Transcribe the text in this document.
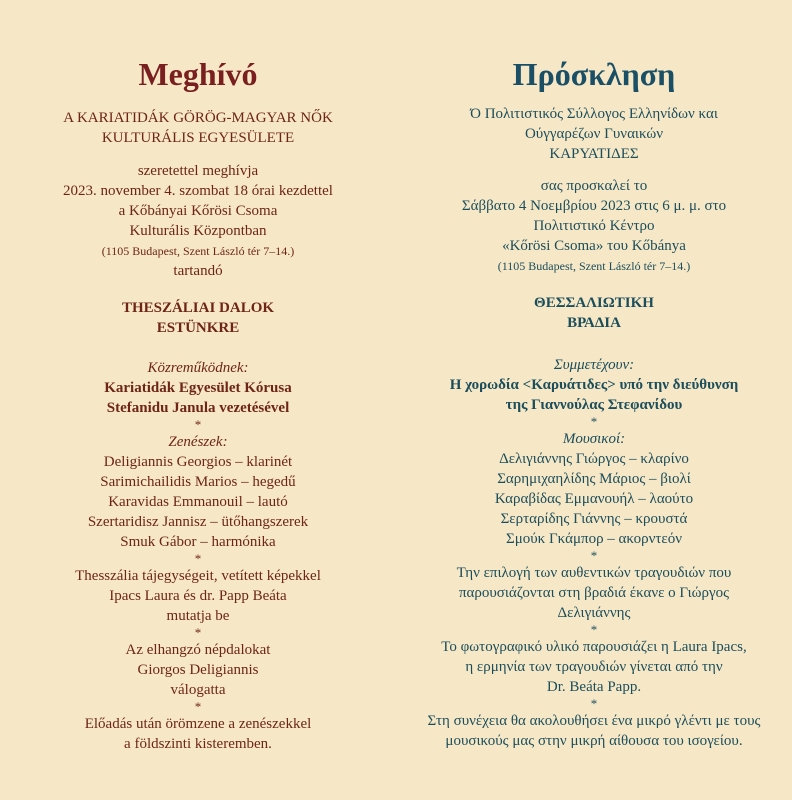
Meghívó
A KARIATIDÁK GÖRÖG-MAGYAR NŐK
KULTURÁLIS EGYESÜLETE
szeretettel meghívja
2023. november 4. szombat 18 órai kezdettel
a Kőbányai Kőrösi Csoma
Kulturális Központban
(1105 Budapest, Szent László tér 7–14.)
tartandó
THESZÁLIAI DALOK
ESTÜNKRE
Közreműködnek:
Kariatidák Egyesület Kórusa
Stefanidu Janula vezetésével
*
Zenészek:
Deligiannis Georgios – klarinét
Sarimichailidis Marios – hegedű
Karavidas Emmanouil – lautó
Szertaridisz Jannisz – ütőhangszerek
Smuk Gábor – harmónika
*
Thesszália tájegységeit, vetített képekkel
Ipacs Laura és dr. Papp Beáta
mutatja be
*
Az elhangzó népdalokat
Giorgos Deligiannis
válogatta
*
Előadás után örömzene a zenészekkel
a földszinti kisteremben.
Πρόσκληση
Ό Πολιτιστικός Σύλλογος Ελληνίδων και
Ούγγαρέζων Γυναικών
ΚΑΡΥΑΤΙΔΕΣ
σας προσκαλεί το
Σάββατο 4 Νοεμβρίου 2023 στις 6 μ. μ. στο
Πολιτιστικό Κέντρο
«Kőrösi Csoma» του Kőbánya
(1105 Budapest, Szent László tér 7–14.)
ΘΕΣΣΑΛΙΩΤΙΚΗ
ΒΡΑΔΙΑ
Συμμετέχουν:
Η χορωδία <Καρυάτιδες> υπό την διεύθυνση
της Γιαννούλας Στεφανίδου
*
Μουσικοί:
Δελιγιάννης Γιώργος – κλαρίνο
Σαρημιχαηλίδης Μάριος – βιολί
Καραβίδας Εμμανουήλ – λαούτο
Σερταρίδης Γιάννης – κρουστά
Σμούκ Γκάμπορ – ακορντεόν
*
Την επιλογή των αυθεντικών τραγουδιών που
παρουσιάζονται στη βραδιά έκανε ο Γιώργος
Δελιγιάννης
*
Το φωτογραφικό υλικό παρουσιάζει η Laura Ipacs,
η ερμηνία των τραγουδιών γίνεται από την
Dr. Beáta Papp.
*
Στη συνέχεια θα ακολουθήσει ένα μικρό γλέντι με τους
μουσικούς μας στην μικρή αίθουσα του ισογείου.
